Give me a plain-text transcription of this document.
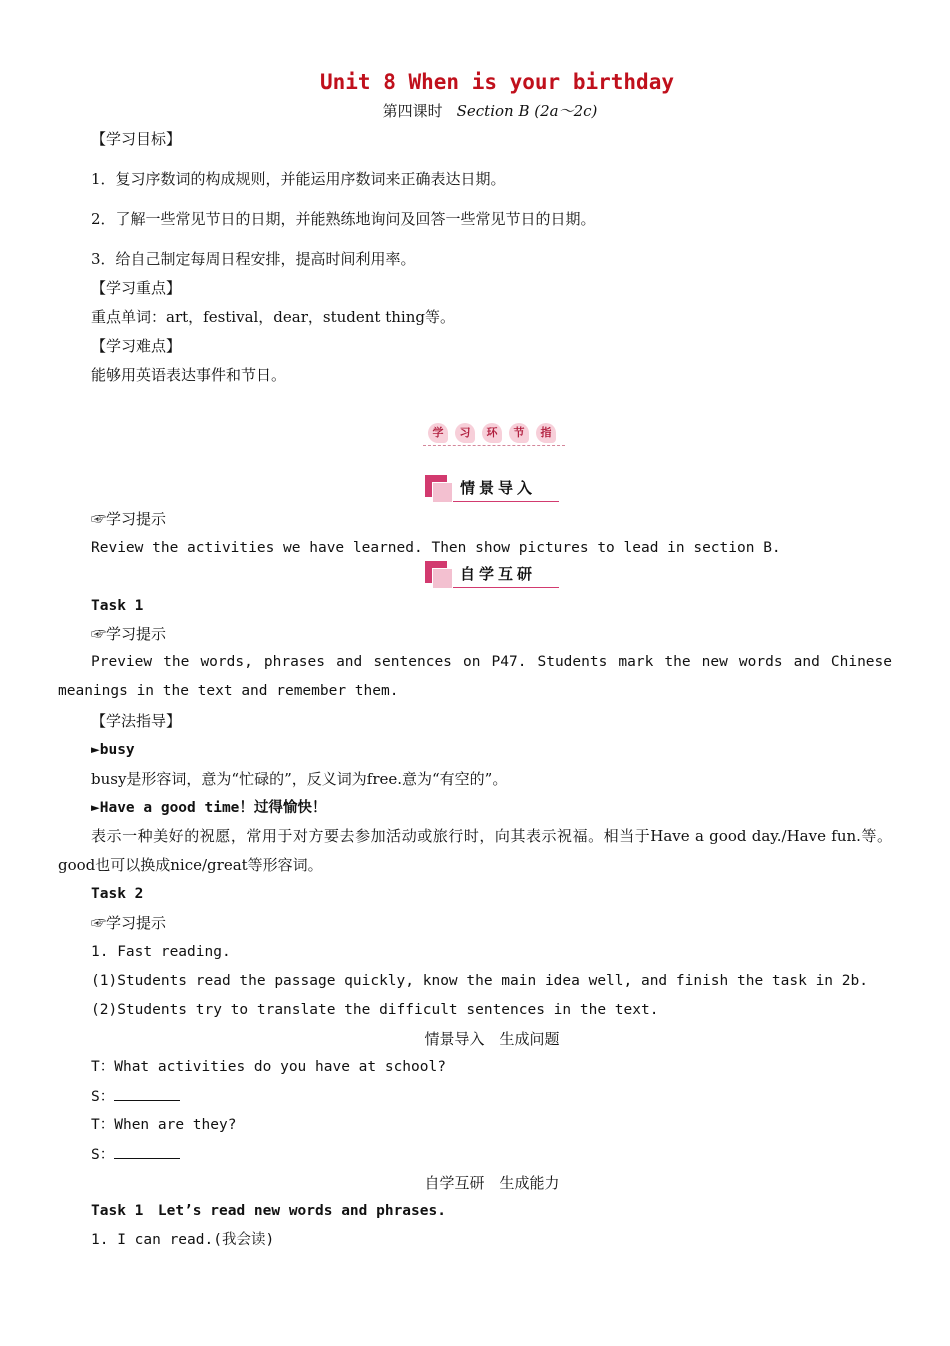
Unit 8 When is your birthday
第四课时 Section B (2a～2c)
【学习目标】
1．复习序数词的构成规则，并能运用序数词来正确表达日期。
2．了解一些常见节日的日期，并能熟练地询问及回答一些常见节日的日期。
3．给自己制定每周日程安排，提高时间利用率。
【学习重点】
重点单词：art，festival，dear，student thing等。
【学习难点】
能够用英语表达事件和节日。
学 习 环 节 指
情景导入
☞学习提示
Review the activities we have learned. Then show pictures to lead in section B.
自学互研
Task 1
☞学习提示
Preview the words, phrases and sentences on P47. Students mark the new words and Chinese meanings in the text and remember them.
【学法指导】
►busy
busy是形容词，意为“忙碌的”，反义词为free.意为“有空的”。
►Have a good time！过得愉快！
表示一种美好的祝愿，常用于对方要去参加活动或旅行时，向其表示祝福。相当于Have a good day./Have fun.等。good也可以换成nice/great等形容词。
Task 2
☞学习提示
1. Fast reading.
(1)Students read the passage quickly, know the main idea well, and finish the task in 2b.
(2)Students try to translate the difficult sentences in the text.
情景导入　生成问题
T：What activities do you have at school?
S：
T：When are they?
S：
自学互研　生成能力
Task 1　Let’s read new words and phrases.
1. I can read.(我会读)
